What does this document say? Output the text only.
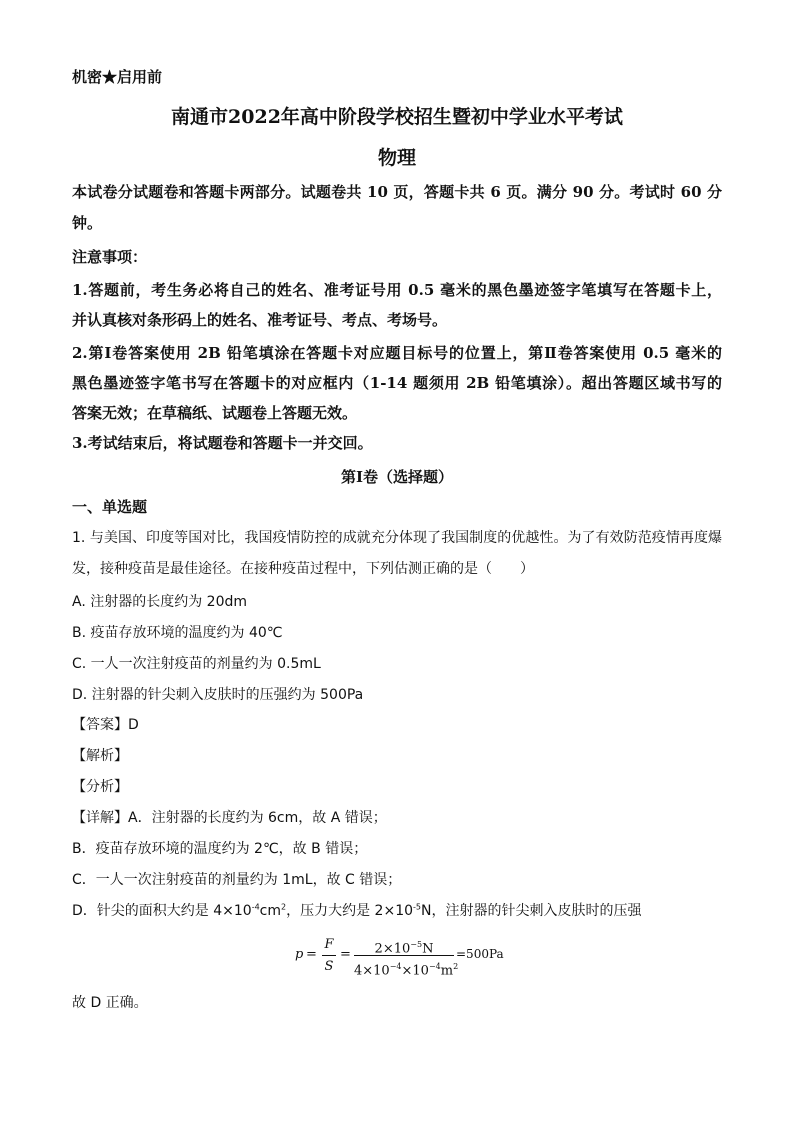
机密★启用前
南通市2022年高中阶段学校招生暨初中学业水平考试
物理
本试卷分试题卷和答题卡两部分。试题卷共 10 页，答题卡共 6 页。满分 90 分。考试时 60 分
钟。
注意事项：
1.答题前，考生务必将自己的姓名、准考证号用 0.5 毫米的黑色墨迹签字笔填写在答题卡上，
并认真核对条形码上的姓名、准考证号、考点、考场号。
2.第Ⅰ卷答案使用 2B 铅笔填涂在答题卡对应题目标号的位置上，第Ⅱ卷答案使用 0.5 毫米的
黑色墨迹签字笔书写在答题卡的对应框内（1-14 题须用 2B 铅笔填涂）。超出答题区域书写的
答案无效；在草稿纸、试题卷上答题无效。
3.考试结束后，将试题卷和答题卡一并交回。
第Ⅰ卷（选择题）
一、单选题
1. 与美国、印度等国对比，我国疫情防控的成就充分体现了我国制度的优越性。为了有效防范疫情再度爆
发，接种疫苗是最佳途径。在接种疫苗过程中，下列估测正确的是（　　）
A. 注射器的长度约为 20dm
B. 疫苗存放环境的温度约为 40℃
C. 一人一次注射疫苗的剂量约为 0.5mL
D. 注射器的针尖刺入皮肤时的压强约为 500Pa
【答案】D
【解析】
【分析】
【详解】A．注射器的长度约为 6cm，故 A 错误；
B．疫苗存放环境的温度约为 2℃，故 B 错误；
C．一人一次注射疫苗的剂量约为 1mL，故 C 错误；
D．针尖的面积大约是 $4\times 10^{-4}cm^2$，压力大约是 $2\times 10^{-5}N$，注射器的针尖刺入皮肤时的压强
p =
F
S
=	$2\times 10^{-5}N$
$4\times 10^{-4}\times 10^{-4}m^2$
=500Pa
故 D 正确。
